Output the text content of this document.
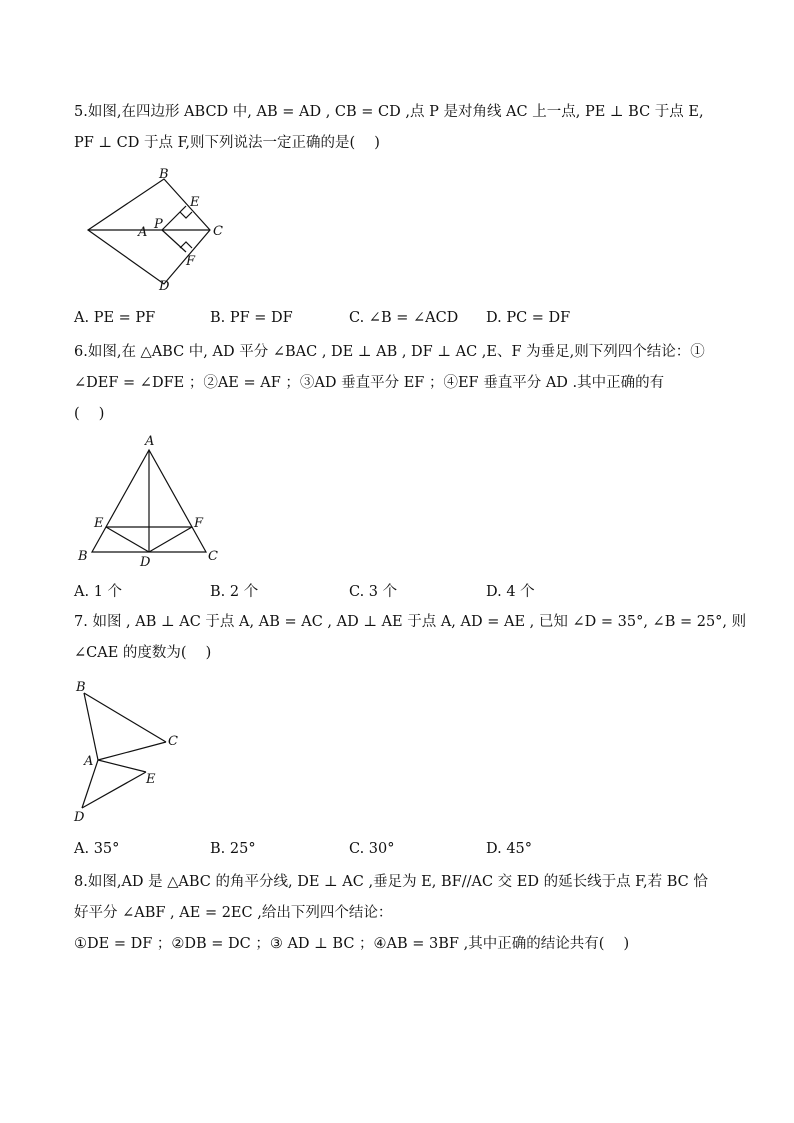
5.如图,在四边形 ABCD 中, AB = AD , CB = CD ,点 P 是对角线 AC 上一点, PE ⊥ BC 于点 E,
PF ⊥ CD 于点 F,则下列说法一定正确的是(　 )
A
B
C
D
E
F
P
A. PE = PF	B. PF = DF	C. ∠B = ∠ACD D. PC = DF
6.如图,在 △ABC 中, AD 平分 ∠BAC , DE ⊥ AB , DF ⊥ AC ,E、F 为垂足,则下列四个结论：①
∠DEF = ∠DFE ；②AE = AF ；③AD 垂直平分 EF ；④EF 垂直平分 AD .其中正确的有
(　 )
A
B	C
D
E	F
A. 1 个	B. 2 个	C. 3 个	D. 4 个
7. 如图 , AB ⊥ AC 于点 A, AB = AC , AD ⊥ AE 于点 A, AD = AE , 已知 ∠D = 35°, ∠B = 25°, 则
∠CAE 的度数为(　 )
B
C
A
E
D
A. 35°	B. 25°	C. 30°	D. 45°
8.如图,AD 是 △ABC 的角平分线, DE ⊥ AC ,垂足为 E, BF//AC 交 ED 的延长线于点 F,若 BC 恰
好平分 ∠ABF , AE = 2EC ,给出下列四个结论：
①DE = DF ；②DB = DC ；③ AD ⊥ BC ；④AB = 3BF ,其中正确的结论共有(　 )
